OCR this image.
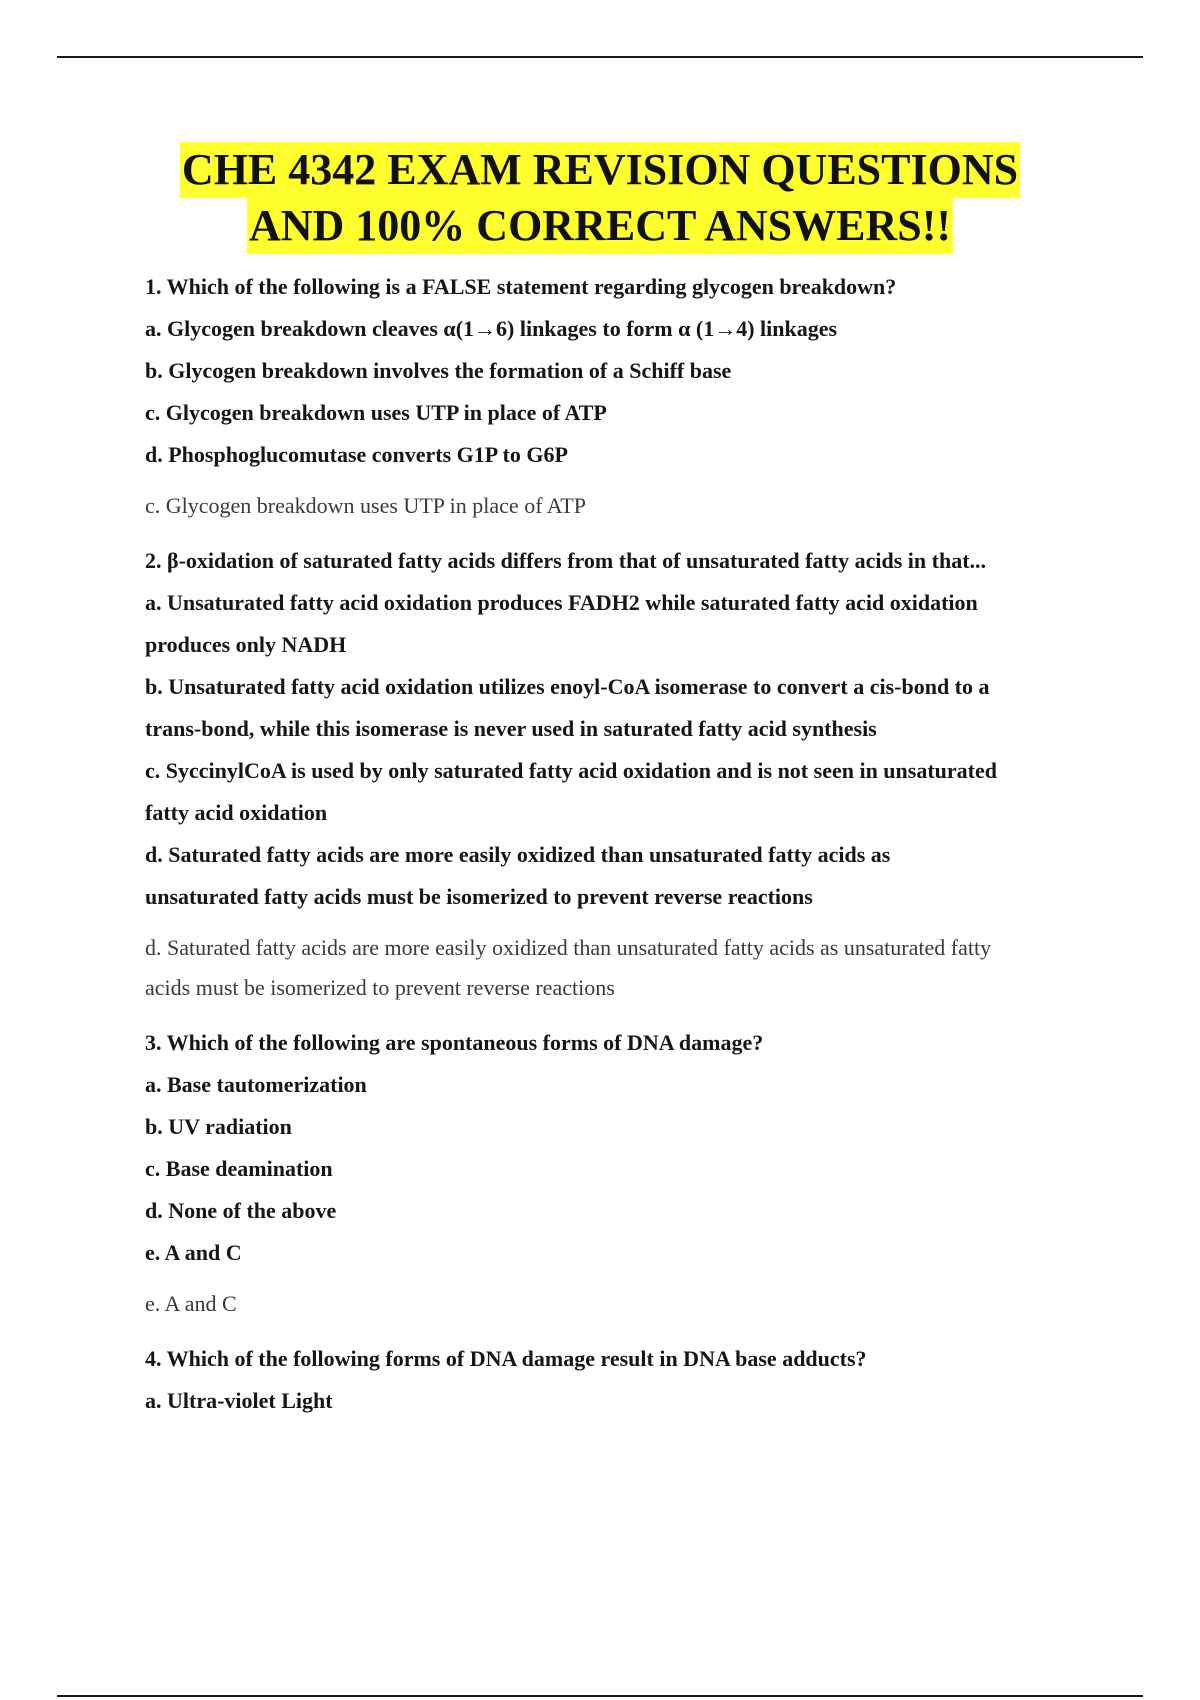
CHE 4342 EXAM REVISION QUESTIONS
AND 100% CORRECT ANSWERS!!
1. Which of the following is a FALSE statement regarding glycogen breakdown?
a. Glycogen breakdown cleaves α(1→6) linkages to form α (1→4) linkages
b. Glycogen breakdown involves the formation of a Schiff base
c. Glycogen breakdown uses UTP in place of ATP
d. Phosphoglucomutase converts G1P to G6P
c. Glycogen breakdown uses UTP in place of ATP
2. β-oxidation of saturated fatty acids differs from that of unsaturated fatty acids in that...
a. Unsaturated fatty acid oxidation produces FADH2 while saturated fatty acid oxidation
produces only NADH
b. Unsaturated fatty acid oxidation utilizes enoyl-CoA isomerase to convert a cis-bond to a
trans-bond, while this isomerase is never used in saturated fatty acid synthesis
c. SyccinylCoA is used by only saturated fatty acid oxidation and is not seen in unsaturated
fatty acid oxidation
d. Saturated fatty acids are more easily oxidized than unsaturated fatty acids as
unsaturated fatty acids must be isomerized to prevent reverse reactions
d. Saturated fatty acids are more easily oxidized than unsaturated fatty acids as unsaturated fatty
acids must be isomerized to prevent reverse reactions
3. Which of the following are spontaneous forms of DNA damage?
a. Base tautomerization
b. UV radiation
c. Base deamination
d. None of the above
e. A and C
e. A and C
4. Which of the following forms of DNA damage result in DNA base adducts?
a. Ultra-violet Light
